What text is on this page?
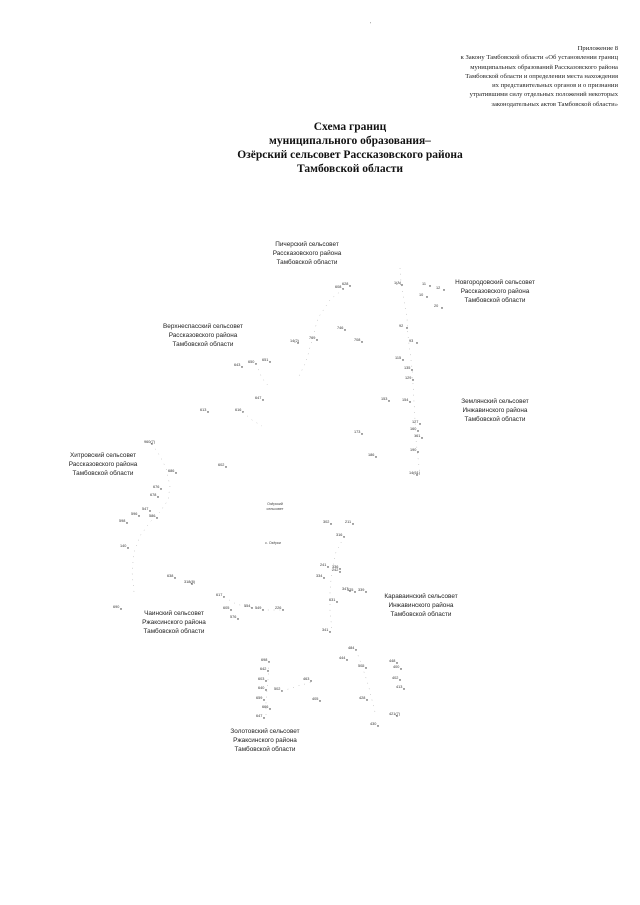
'
Приложение 8
к Закону Тамбовской области «Об установлении границ
муниципальных образований Рассказовского района
Тамбовской области и определении места нахождения
их представительных органов и о признании
утратившими силу отдельных положений некоторых
законодательных актов Тамбовской области»
Схема границ
муниципального образования–
Озёрский сельсовет Рассказовского района
Тамбовской области
628
608
1(A)	11
12
10
20
769
14(2)	708
92
93
746
115
135
129
650 651
643
647
616
613
153	154
127
160
161
173
186
190
14(61)
960(7)
602
686
676
678
547
596	586
598
140
316
302	211
336
347
631
638
318(8)
690
617
605	554 549
576
226
241
242
334
325 339
341
484
444
505
448
400
402
413
428
421(7)
430
698
642
603
640	502
463
659
666
647
405
Пичерский сельсовет
Рассказовского района
Тамбовской области
Новгородовский сельсовет
Рассказовского района
Тамбовской области
Верхнеспасский сельсовет
Рассказовского района
Тамбовской области
Землянский сельсовет
Инжавинского района
Тамбовской области
Хитровский сельсовет
Рассказовского района
Тамбовской области
Караваинский сельсовет
Инжавинского района
Тамбовской области
Чаинский сельсовет
Ржаксинского района
Тамбовской области
Золотовский сельсовет
Ржаксинского района
Тамбовской области
Озёрский
сельсовет
с. Озёрки
